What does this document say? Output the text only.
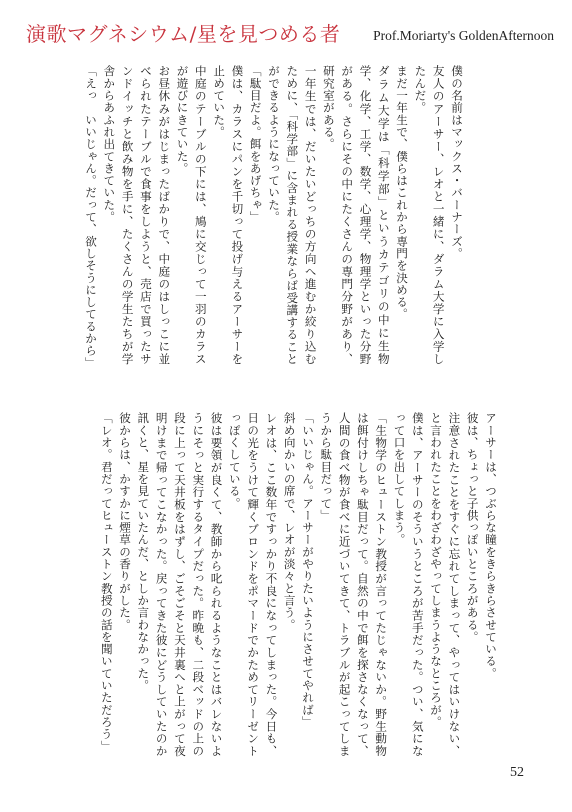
演歌マグネシウム/星を見つめる者 Prof.Moriarty's GoldenAfternoon
僕の名前はマックス・バーナーズ。
友人のアーサー、レオと一緒に、ダラム大学に入学したんだ。
まだ一年生で、僕らはこれから専門を決める。
ダラム大学は「科学部」というカテゴリの中に生物学、化学、工学、数学、心理学、物理学といった分野がある。さらにその中にたくさんの専門分野があり、研究室がある。
一年生では、だいたいどっちの方向へ進むか絞り込むために、「科学部」に含まれる授業ならば受講することができるようになっていた。
「駄目だよ。餌をあげちゃ」
僕は、カラスにパンを千切って投げ与えるアーサーを止めていた。
中庭のテーブルの下には、鳩に交じって一羽のカラスが遊びにきていた。
お昼休みがはじまったばかりで、中庭のはしっこに並べられたテーブルで食事をしようと、売店で買ったサンドイッチと飲み物を手に、たくさんの学生たちが学舎からあふれ出てきていた。
「えっ　いいじゃん。だって、欲しそうにしてるから」
アーサーは、つぶらな瞳をきらきらさせている。
彼は、ちょっと子供っぽいところがある。
注意されたことをすぐに忘れてしまって、やってはいけない、と言われたことをわざわざやってしまうようなところが。
僕は、アーサーのそういうところが苦手だった。つい、気になって口を出してしまう。
「生物学のヒューストン教授が言ってたじゃないか。野生動物は餌付けしちゃ駄目だって。自然の中で餌を探さなくなって、人間の食べ物が食べに近づいてきて、トラブルが起こってしまうから駄目だって」
「いいじゃん。アーサーがやりたいようにさせてやれば」
斜め向かいの席で、レオが淡々と言う。
レオは、ここ数年ですっかり不良になってしまった。今日も、日の光をうけて輝くブロンドをポマードでかためてリーゼントっぽくしている。
彼は要領が良くて、教師から叱られるようなことはバレないようにそっと実行するタイプだった。昨晩も、二段ベッドの上の段に上って天井板をはずし、ごそごそと天井裏へと上がって夜明けまで帰ってこなかった。戻ってきた彼にどうしていたのか訊くと、星を見ていたんだ、としか言わなかった。
彼からは、かすかに煙草の香りがした。
「レオ。君だってヒューストン教授の話を聞いていただろう」
52
